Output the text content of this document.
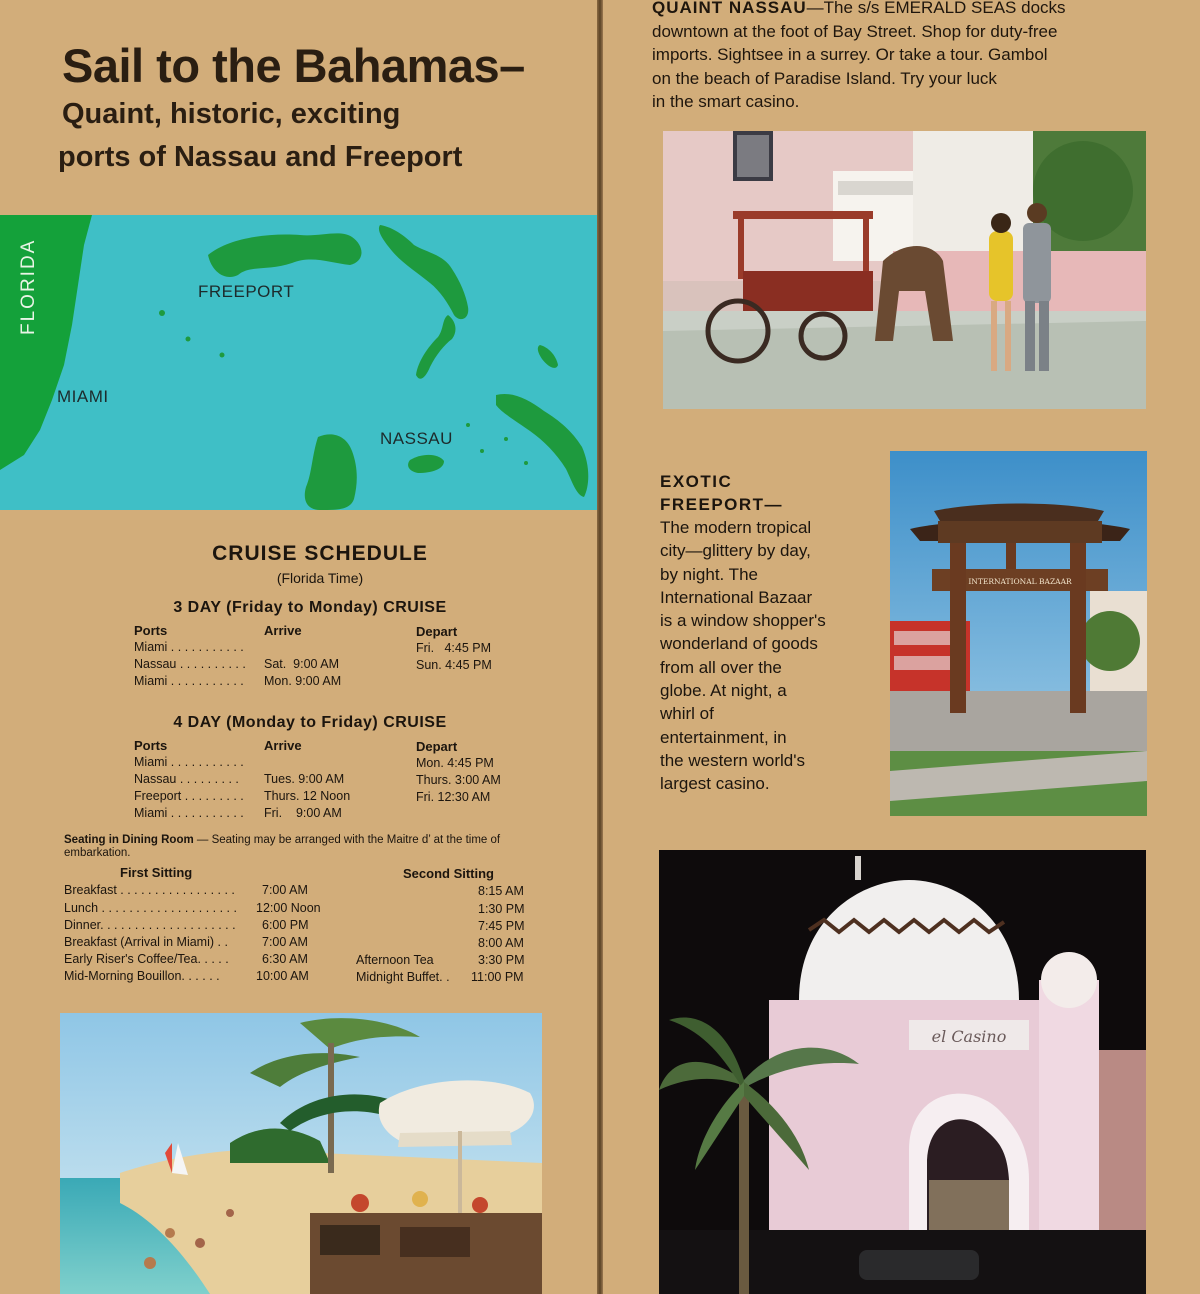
Sail to the Bahamas–
Quaint, historic, exciting
ports of Nassau and Freeport
FLORIDA	FREEPORT
MIAMI
NASSAU
CRUISE SCHEDULE
(Florida Time)
3 DAY (Friday to Monday) CRUISE
Ports	Arrive	Depart
Miami . . . . . . . . . . .	Fri.   4:45 PM
Nassau . . . . . . . . . . Sat.  9:00 AM	Sun. 4:45 PM
Miami . . . . . . . . . . . Mon. 9:00 AM
4 DAY (Monday to Friday) CRUISE
Ports	Arrive	Depart
Miami . . . . . . . . . . .	Mon. 4:45 PM
Nassau . . . . . . . . . Tues. 9:00 AM	Thurs. 3:00 AM
Freeport . . . . . . . . . Thurs. 12 Noon	Fri. 12:30 AM
Miami . . . . . . . . . . . Fri.    9:00 AM
Seating in Dining Room — Seating may be arranged with the Maitre d’ at the time of embarkation.
First Sitting	Second Sitting
Breakfast . . . . . . . . . . . . . . . . . 7:00 AM	8:15 AM
Lunch . . . . . . . . . . . . . . . . . . . . 12:00 Noon	1:30 PM
Dinner. . . . . . . . . . . . . . . . . . . . 6:00 PM	7:45 PM
Breakfast (Arrival in Miami) . .	7:00 AM	8:00 AM
Early Riser's Coffee/Tea. . . . .	6:30 AM	Afternoon Tea	3:30 PM
Mid-Morning Bouillon. . . . . .	10:00 AM	Midnight Buffet. . 11:00 PM
QUAINT NASSAU—The s/s EMERALD SEAS docks
downtown at the foot of Bay Street. Shop for duty-free
imports. Sightsee in a surrey. Or take a tour. Gambol
on the beach of Paradise Island. Try your luck
in the smart casino.
EXOTIC
FREEPORT—
The modern tropical
city—glittery by day,
by night. The
International Bazaar
is a window shopper's
wonderland of goods
from all over the
globe. At night, a
whirl of
entertainment, in
the western world's
largest casino.
INTERNATIONAL BAZAAR
el Casino
